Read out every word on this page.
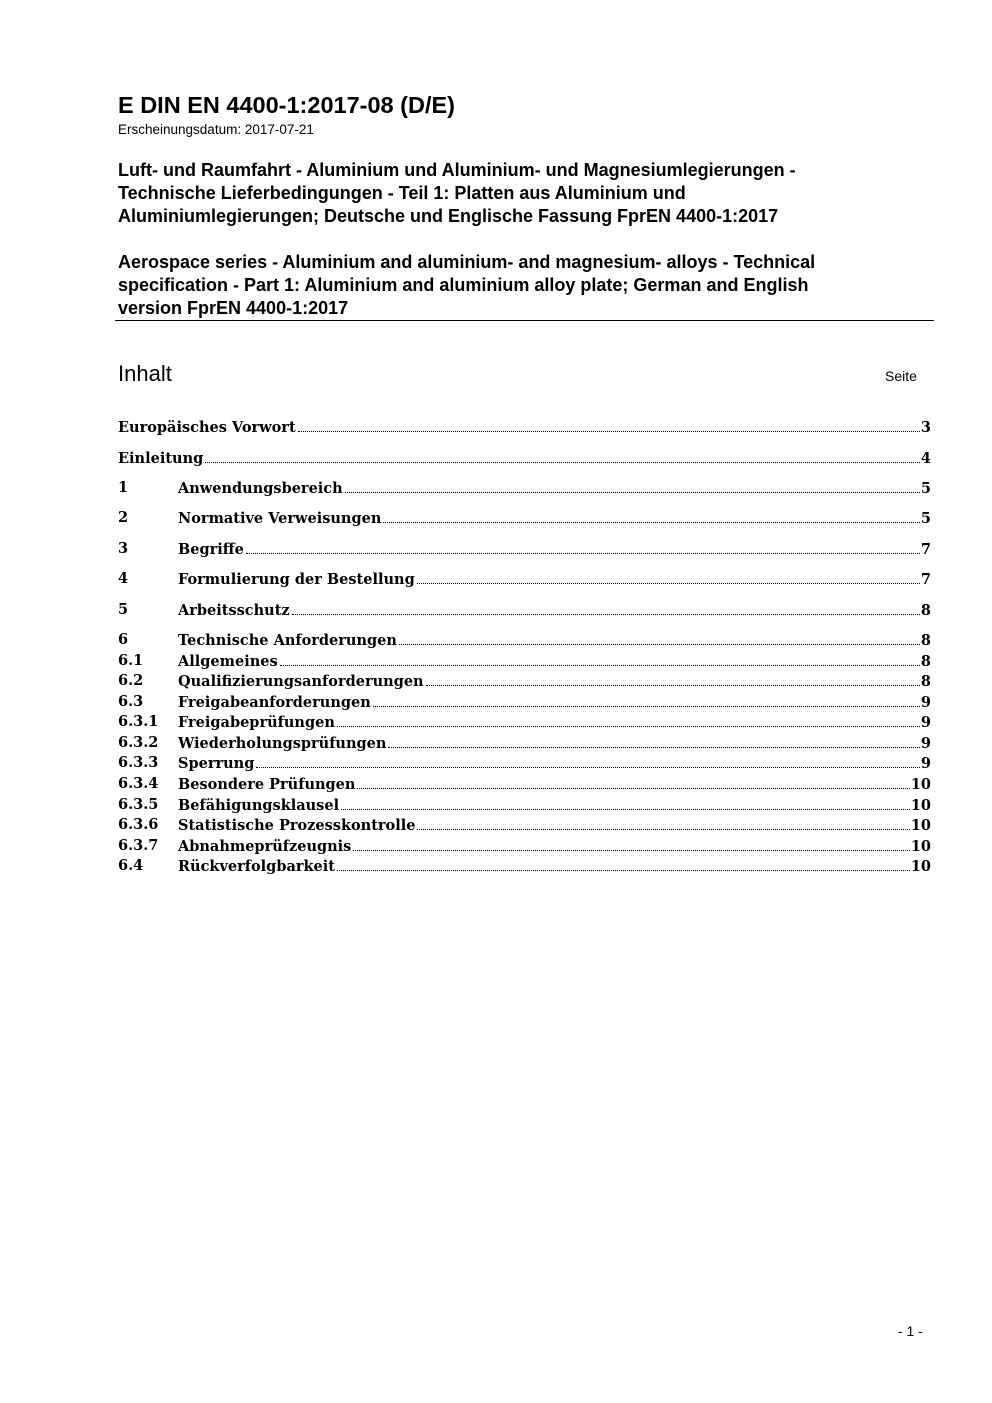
E DIN EN 4400-1:2017-08 (D/E)
Erscheinungsdatum: 2017-07-21
Luft- und Raumfahrt - Aluminium und Aluminium- und Magnesiumlegierungen -
Technische Lieferbedingungen - Teil 1: Platten aus Aluminium und
Aluminiumlegierungen; Deutsche und Englische Fassung FprEN 4400-1:2017
Aerospace series - Aluminium and aluminium- and magnesium- alloys - Technical
specification - Part 1: Aluminium and aluminium alloy plate; German and English
version FprEN 4400-1:2017
Inhalt	Seite
Europäisches Vorwort	3
Einleitung	4
1	Anwendungsbereich	5
2	Normative Verweisungen	5
3	Begriffe	7
4	Formulierung der Bestellung	7
5	Arbeitsschutz	8
6	Technische Anforderungen	8
6.1 Allgemeines	8
6.2 Qualifizierungsanforderungen	8
6.3 Freigabeanforderungen	9
6.3.1 Freigabeprüfungen	9
6.3.2 Wiederholungsprüfungen	9
6.3.3 Sperrung	9
6.3.4 Besondere Prüfungen	10
6.3.5 Befähigungsklausel	10
6.3.6 Statistische Prozesskontrolle	10
6.3.7 Abnahmeprüfzeugnis	10
6.4 Rückverfolgbarkeit	10
- 1 -
